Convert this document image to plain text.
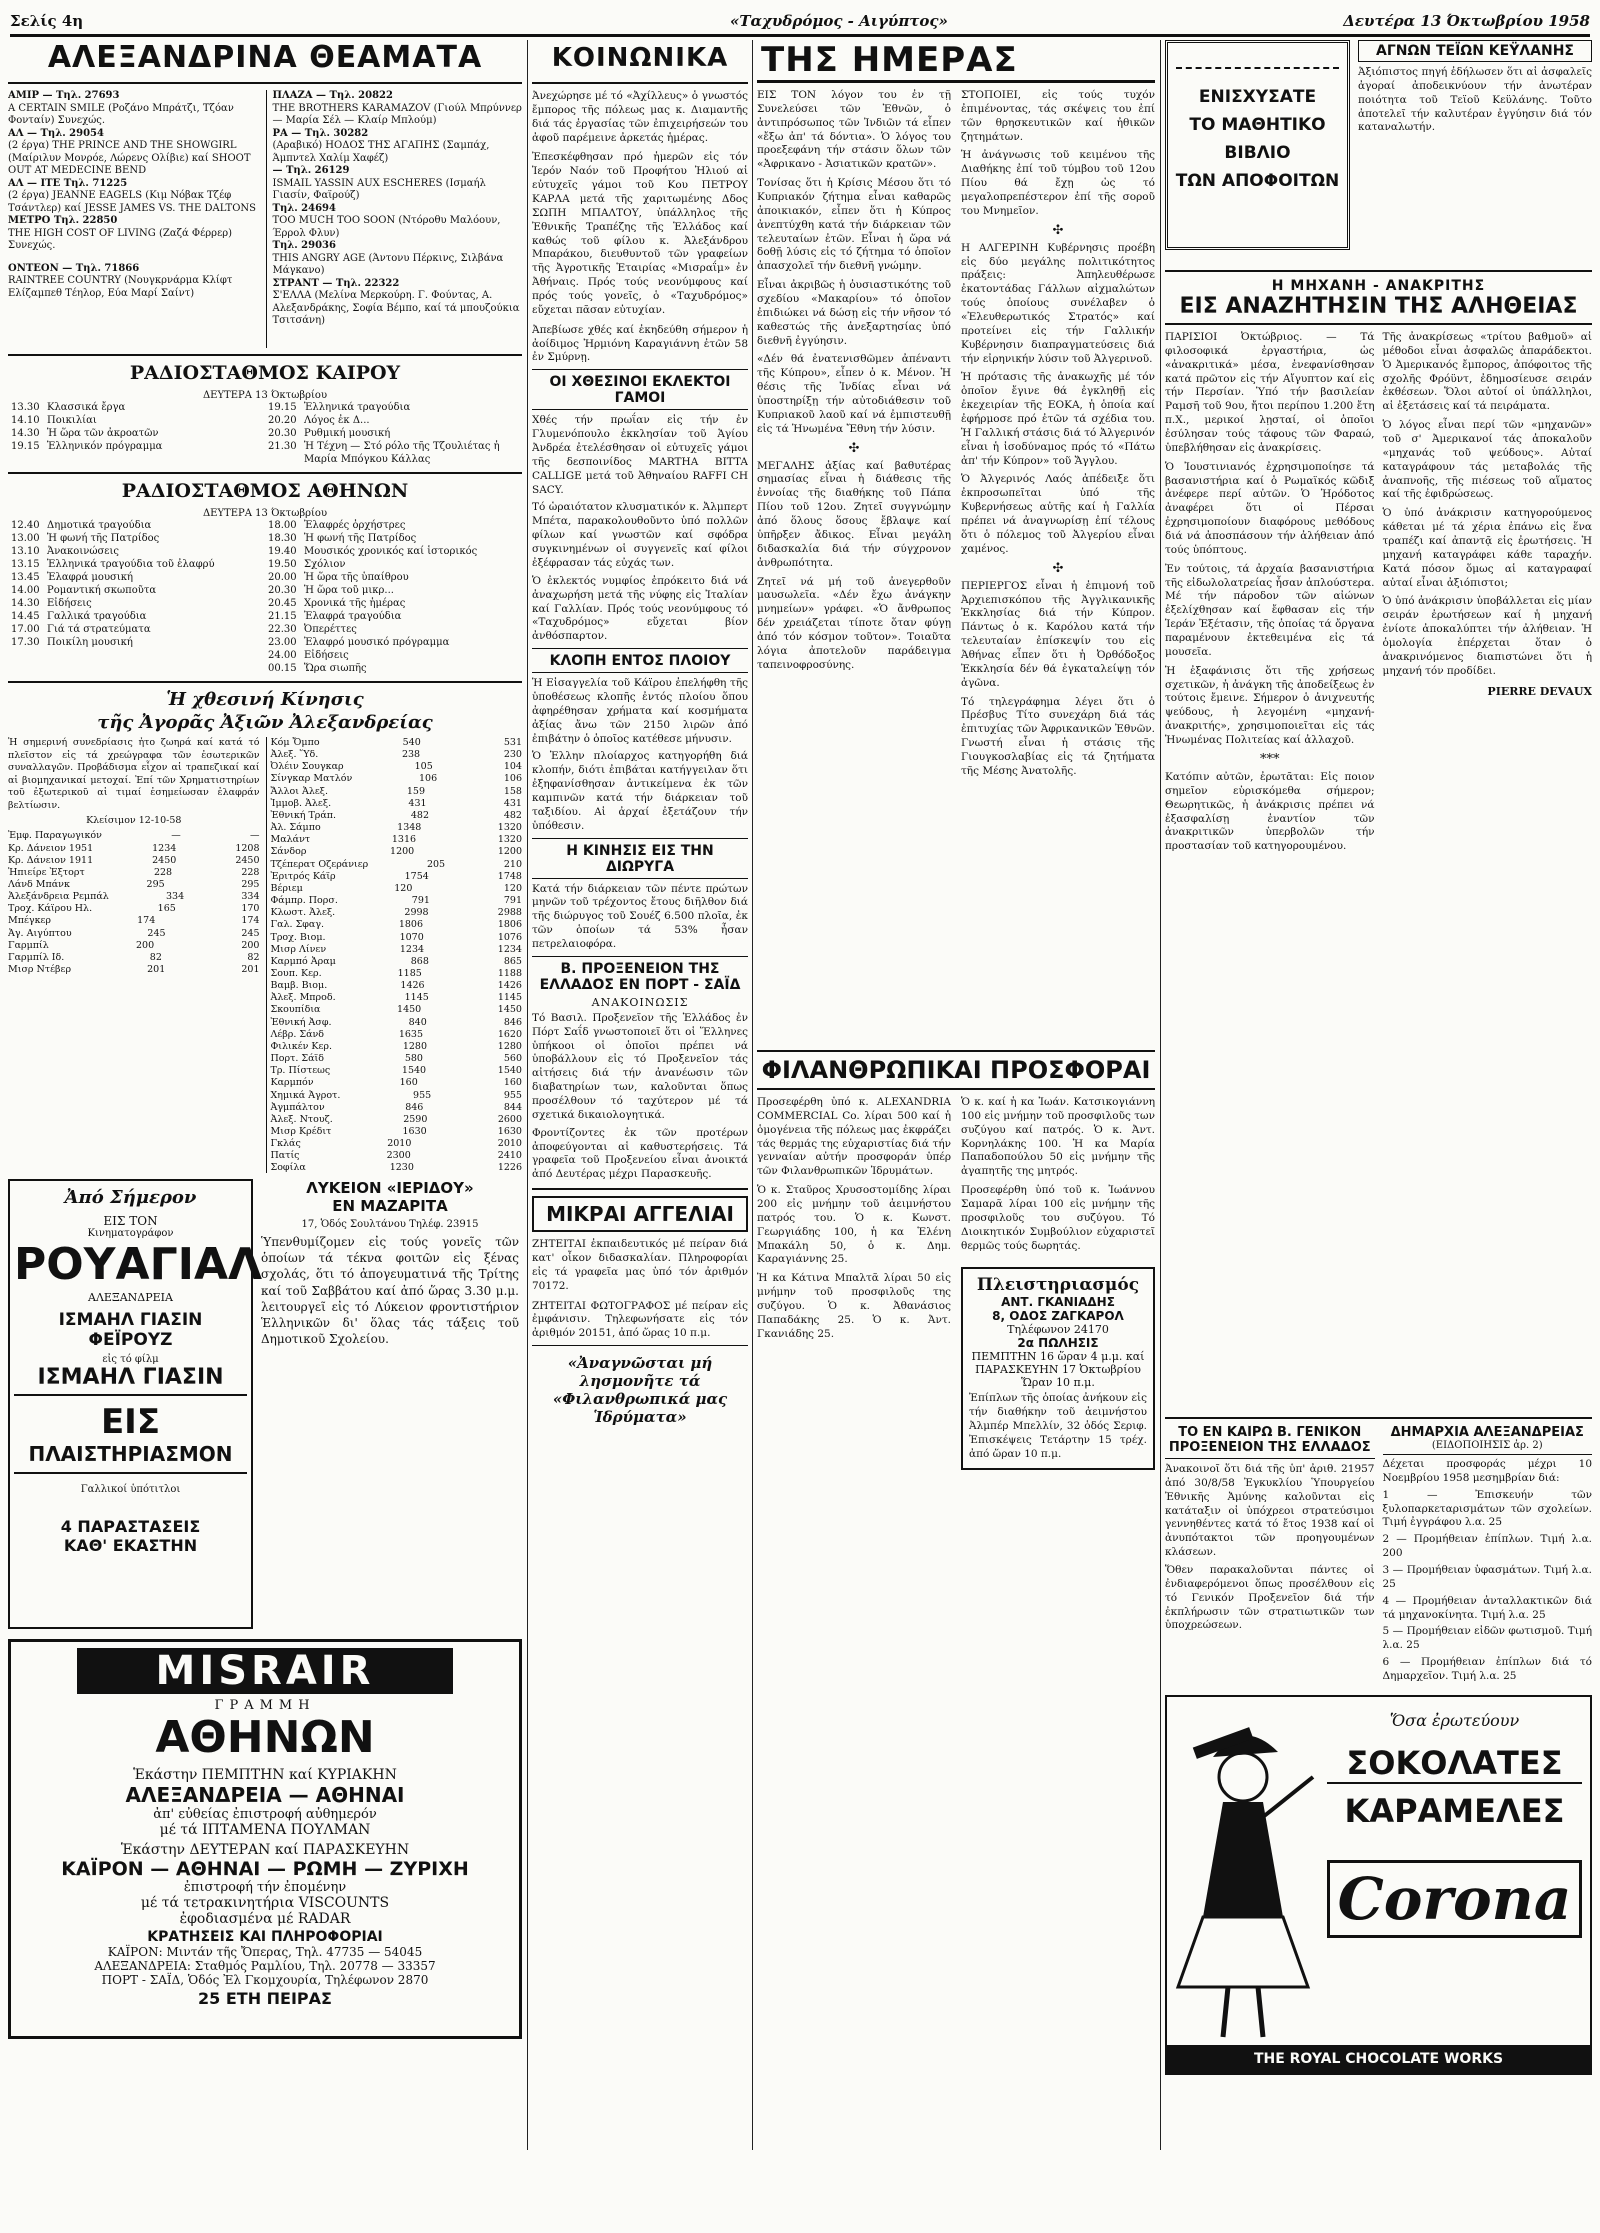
Σελίς 4η	«Ταχυδρόμος - Αιγύπτος»	Δευτέρα 13 Όκτωβρίου 1958
ΑΛΕΞΑΝΔΡΙΝΑ ΘΕΑΜΑΤΑ
ΑΜΙΡ — Τηλ. 27693
A CERTAIN SMILE (Ροζάνο Μπράτζι, Τζόαν Φονταίν) Συνεχώς.
ΑΛ — Τηλ. 29054
(2 έργα) THE PRINCE AND THE SHOWGIRL (Μαίριλυν Μονρόε, Λώρενς Ολίβιε) καί SHOOT OUT AT MEDECINE BEND
ΑΛ — ΙΤΕ Τηλ. 71225
(2 έργα) JEANNE EAGELS (Κιμ Νόβακ Τζέφ Τσάντλερ) καί JESSE JAMES VS. THE DALTONS
ΜΕΤΡΟ Τηλ. 22850
THE HIGH COST OF LIVING (Ζαζά Φέρρερ) Συνεχώς.
ΟΝΤΕΟΝ — Τηλ. 71866
RAINTREE COUNTRY (Νουγκρνάρμα Κλίφτ Ελίζαμπεθ Τέηλορ, Εύα Μαρί Σαίντ)
ΠΛΑΖΑ — Τηλ. 20822
THE BROTHERS KARAMAZOV (Γιούλ Μπρύννερ — Μαρία Σέλ — Κλαίρ Μπλούμ)
ΡΑ — Τηλ. 30282
(Αραβικό) ΗΟΔΟΣ ΤΗΣ ΑΓΑΠΗΣ (Σαμπάχ, Άμπντελ Χαλίμ Χαφέζ)
— Τηλ. 26129
ISMAIL YASSIN AUX ESCHERES (Ισμαήλ Γιασίν, Φαϊρούζ)
Τηλ. 24694
TOO MUCH TOO SOON (Ντόροθυ Μαλόουν, Έρρολ Φλυν)
Τηλ. 29036
THIS ANGRY AGE (Άντονυ Πέρκινς, Σιλβάνα Μάγκανο)
ΣΤΡΑΝΤ — Τηλ. 22322
Σ'ΕΛΛΑ (Μελίνα Μερκούρη. Γ. Φούντας, Α. Αλεξανδράκης, Σοφία Βέμπο, καί τά μπουζούκια Τσιτσάνη)
ΡΑΔΙΟΣΤΑΘΜΟΣ ΚΑΙΡΟΥ
ΔΕΥΤΕΡΑ 13 Όκτωβρίου
13.30 Κλασσικά ἔργα
14.10 Ποικιλίαι
14.30 Ἡ ὥρα τῶν ἀκροατῶν
19.15 Ἑλληνικόν πρόγραμμα
19.15 Ἑλληνικά τραγούδια
20.20 Λόγος ἐκ Δ...
20.30 Ρυθμική μουσική
21.30 Ἡ Τέχνη — Στό ρόλο τῆς Τζουλιέτας ἡ Μαρία Μπόγκου Κάλλας
ΡΑΔΙΟΣΤΑΘΜΟΣ ΑΘΗΝΩΝ
ΔΕΥΤΕΡΑ 13 Όκτωβρίου
12.40 Δημοτικά τραγούδια
13.00 Ἡ φωνή τῆς Πατρίδος
13.10 Ἀνακοινώσεις
13.15 Ἑλληνικά τραγούδια τοῦ ἐλαφρύ
13.45 Ἐλαφρά μουσική
14.00 Ρομαντική σκωποῦτα
14.30 Εἰδήσεις
14.45 Γαλλικά τραγούδια
17.00 Γιά τά στρατεύματα
17.30 Ποικίλη μουσική
18.00 Ἐλαφρές ὀρχήστρες
18.30 Ἡ φωνή τῆς Πατρίδος
19.40 Μουσικός χρονικός καί ἱστορικός
19.50 Σχόλιον
20.00 Ἡ ὥρα τῆς ὑπαίθρου
20.30 Ἡ ὥρα τοῦ μικρ...
20.45 Χρονικά τῆς ἡμέρας
21.15 Ἐλαφρά τραγούδια
22.30 Ὀπερέττες
23.00 Ἐλαφρό μουσικό πρόγραμμα
24.00 Εἰδήσεις
00.15 Ὥρα σιωπῆς
Ἡ χθεσινή Κίνησις
τῆς Ἀγορᾶς Ἀξιῶν Ἀλεξανδρείας
Ἡ σημερινή συνεδρίασις ἦτο ζωηρά καί κατά τό πλεῖστον εἰς τά χρεώγραφα τῶν ἐσωτερικῶν συναλλαγῶν. Προβάδισμα εἶχον αἱ τραπεζικαί καί αἱ βιομηχανικαί μετοχαί. Ἐπί τῶν Χρηματιστηρίων τοῦ ἐξωτερικοῦ αἱ τιμαί ἐσημείωσαν ἐλαφράν βελτίωσιν.
Κλείσιμον 12-10-58
Ἐμφ. Παραγωγικόν	—	—
Κρ. Δάνειον 1951	1234	1208
Κρ. Δάνειον 1911	2450	2450
Ἡπιείρε Ἐξτορτ	228	228
Λάνδ Μπάνκ	295	295
Ἀλεξάνδρεια Ρεμπάλ	334	334
Τροχ. Κάϊρου Ηλ.	165	170
Μπέγκερ	174	174
Ἀγ. Αιγύπτου	245	245
Γαρμπίλ	200	200
Γαρμπίλ Ιδ.	82	82
Μισρ Ντέβερ	201	201
Κόμ Ὄμπο	540	531
Ἀλεξ. Ὕδ.	238	230
Ὀλέιν Σουγκαρ	105	104
Σίνγκαρ Ματλόν	106	106
Ἄλλοι Ἀλεξ.	159	158
Ἰμμοβ. Ἀλεξ.	431	431
Ἐθνική Τράπ.	482	482
Ἀλ. Σάμπο	1348	1320
Μαλάντ	1316	1320
Σάνδορ	1200	1200
Τζέπερατ Οζεράνιερ	205	210
Ἐριτρός Κάϊρ	1754	1748
Βέριεμ	120	120
Φάμπρ. Πορσ.	791	791
Κλωστ. Ἀλεξ.	2998	2988
Γαλ. Σφαγ.	1806	1806
Τροχ. Βιομ.	1070	1076
Μισρ Λίνεν	1234	1234
Καρμπό Ἀραμ	868	865
Σουπ. Κερ.	1185	1188
Βαμβ. Βιομ.	1426	1426
Ἀλεξ. Μπροδ.	1145	1145
Σκουπίδια	1450	1450
Ἐθνική Ἀσφ.	840	846
Λέβρ. Σάνδ	1635	1620
Φιλικέν Κερ.	1280	1280
Πορτ. Σάϊδ	580	560
Τρ. Πίστεως	1540	1540
Καρμπόν	160	160
Χημικά Ἀγροτ.	955	955
Ἀγμπάλτον	846	844
Ἀλεξ. Ντουζ.	2590	2600
Μισρ Κρέδιτ	1630	1630
Γκλάς	2010	2010
Πατίς	2300	2410
Σοφίλα	1230	1226
Ἀπό Σήμερον
ΕΙΣ ΤΟΝ
Κινηματογράφον
ΡΟΥΑΓΙΑΛ
ΑΛΕΞΑΝΔΡΕΙΑ
ΙΣΜΑΗΛ ΓΙΑΣΙΝ
ΦΕΪΡΟΥΖ
εἰς τό φίλμ
ΙΣΜΑΗΛ ΓΙΑΣΙΝ
ΕΙΣ
ΠΛΑΙΣΤΗΡΙΑΣΜΟΝ
Γαλλικοί ὑπότιτλοι
4 ΠΑΡΑΣΤΑΣΕΙΣ
ΚΑΘ' ΕΚΑΣΤΗΝ
ΛΥΚΕΙΟΝ «ΙΕΡΙΔΟΥ»
ΕΝ ΜΑΖΑΡΙΤΑ
17, Ὁδός Σουλτάνου Τηλέφ. 23915
Ὑπενθυμίζομεν εἰς τούς γονεῖς τῶν ὁποίων τά τέκνα φοιτῶν εἰς ξένας σχολάς, ὅτι τό ἀπογευματινά τῆς Τρίτης καί τοῦ Σαββάτου καί ἀπό ὥρας 3.30 μ.μ. λειτουργεῖ εἰς τό Λύκειον φροντιστήριον Ἑλληνικῶν δι' ὅλας τάς τάξεις τοῦ Δημοτικοῦ Σχολείου.
MISRAIR
ΓΡΑΜΜΗ
ΑΘΗΝΩΝ
Ἑκάστην ΠΕΜΠΤΗΝ καί ΚΥΡΙΑΚΗΝ
ΑΛΕΞΑΝΔΡΕΙΑ — ΑΘΗΝΑΙ
ἀπ' εὐθείας ἐπιστροφή αὐθημερόν
μέ τά ΙΠΤΑΜΕΝΑ ΠΟΥΛΜΑΝ
Ἑκάστην ΔΕΥΤΕΡΑΝ καί ΠΑΡΑΣΚΕΥΗΝ
ΚΑΪΡΟΝ — ΑΘΗΝΑΙ — ΡΩΜΗ — ΖΥΡΙΧΗ
ἐπιστροφή τήν ἐπομένην
μέ τά τετρακινητήρια VISCOUNTS
ἐφοδιασμένα μέ RADAR
ΚΡΑΤΗΣΕΙΣ ΚΑΙ ΠΛΗΡΟΦΟΡΙΑΙ
ΚΑΪΡΟΝ: Μιντάν τῆς Ὄπερας, Τηλ. 47735 — 54045
ΑΛΕΞΑΝΔΡΕΙΑ: Σταθμός Ραμλίου, Τηλ. 20778 — 33357
ΠΟΡΤ - ΣΑΪΔ, Ὁδός Ἐλ Γκομχουρία, Τηλέφωνον 2870
25 ΕΤΗ ΠΕΙΡΑΣ
ΚΟΙΝΩΝΙΚΑ
Ἀνεχώρησε μέ τό «Ἀχίλλευς» ὁ γνωστός ἔμπορος τῆς πόλεως μας κ. Διαμαντῆς διά τάς ἐργασίας τῶν ἐπιχειρήσεών του ἀφοῦ παρέμεινε ἀρκετάς ἡμέρας.
Ἐπεσκέφθησαν πρό ἡμερῶν εἰς τόν Ἱερόν Ναόν τοῦ Προφήτου Ἠλιού αἱ εὐτυχεῖς γάμοι τοῦ Κου ΠΕΤΡΟΥ ΚΑΡΛΑ μετά τῆς χαριτωμένης Δδος ΣΩΠΗ ΜΠΑΛΤΟΥ, ὑπάλληλος τῆς Ἐθνικῆς Τραπέζης τῆς Ἑλλάδος καί καθώς τοῦ φίλου κ. Ἀλεξάνδρου Μπαράκου, διευθυντοῦ τῶν γραφείων τῆς Ἀγροτικῆς Ἑταιρίας «Μισραΐμ» ἐν Ἀθήναις. Πρός τούς νεονύμφους καί πρός τούς γονεῖς, ὁ «Ταχυδρόμος» εὔχεται πᾶσαν εὐτυχίαν.
Ἀπεβίωσε χθές καί ἐκηδεύθη σήμερον ἡ ἀοίδιμος Ἠρμιόνη Καραγιάννη ἐτῶν 58 ἐν Σμύρνῃ.
ΟΙ ΧΘΕΣΙΝΟΙ ΕΚΛΕΚΤΟΙ ΓΑΜΟΙ
Χθές τήν πρωΐαν εἰς τήν ἐν Γλυμενόπουλο ἐκκλησίαν τοῦ Ἁγίου Ἀνδρέα ἐτελέσθησαν οἱ εὐτυχεῖς γάμοι τῆς δεσποινίδος MARTHA BITTA CALLIGE μετά τοῦ Ἀθηναίου RAFFI CH SACY.
Τό ὡραιότατον κλυσματικόν κ. Ἀλμπερτ Μπέτα, παρακολουθοῦντο ὑπό πολλῶν φίλων καί γνωστῶν καί σφόδρα συγκινημένων οἱ συγγενεῖς καί φίλοι ἐξέφρασαν τάς εὐχάς των.
Ὁ ἐκλεκτός νυμφίος ἐπρόκειτο διά νά ἀναχωρήση μετά τῆς νύφης εἰς Ἰταλίαν καί Γαλλίαν. Πρός τούς νεονύμφους τό «Ταχυδρόμος» εὔχεται βίον ἀνθόσπαρτον.
ΚΛΟΠΗ ΕΝΤΟΣ ΠΛΟΙΟΥ
Ἡ Εἰσαγγελία τοῦ Κάϊρου ἐπελήφθη τῆς ὑποθέσεως κλοπῆς ἐντός πλοίου ὅπου ἀφηρέθησαν χρήματα καί κοσμήματα ἀξίας ἄνω τῶν 2150 λιρῶν ἀπό ἐπιβάτην ὁ ὁποῖος κατέθεσε μήνυσιν.
Ὁ Ἑλλην πλοίαρχος κατηγορήθη διά κλοπήν, διότι ἐπιβάται κατήγγειλαν ὅτι ἐξηφανίσθησαν ἀντικείμενα ἐκ τῶν καμπινῶν κατά τήν διάρκειαν τοῦ ταξιδίου. Αἱ ἀρχαί ἐξετάζουν τήν ὑπόθεσιν.
Η ΚΙΝΗΣΙΣ ΕΙΣ ΤΗΝ ΔΙΩΡΥΓΑ
Κατά τήν διάρκειαν τῶν πέντε πρώτων μηνῶν τοῦ τρέχοντος ἔτους διῆλθον διά τῆς διώρυγος τοῦ Σουέζ 6.500 πλοῖα, ἐκ τῶν ὁποίων τά 53% ἦσαν πετρελαιοφόρα.
Β. ΠΡΟΞΕΝΕΙΟΝ ΤΗΣ ΕΛΛΑΔΟΣ ΕΝ ΠΟΡΤ - ΣΑΪΔ
ΑΝΑΚΟΙΝΩΣΙΣ
Τό Βασιλ. Προξενεῖον τῆς Ἑλλάδος ἐν Πόρτ Σαΐδ γνωστοποιεῖ ὅτι οἱ Ἕλληνες ὑπήκοοι οἱ ὁποῖοι πρέπει νά ὑποβάλλουν εἰς τό Προξενεῖον τάς αἰτήσεις διά τήν ἀνανέωσιν τῶν διαβατηρίων των, καλοῦνται ὅπως προσέλθουν τό ταχύτερον μέ τά σχετικά δικαιολογητικά.
Φροντίζοντες ἐκ τῶν προτέρων ἀποφεύγονται αἱ καθυστερήσεις. Τά γραφεῖα τοῦ Προξενείου εἶναι ἀνοικτά ἀπό Δευτέρας μέχρι Παρασκευῆς.
ΜΙΚΡΑΙ ΑΓΓΕΛΙΑΙ
ΖΗΤΕΙΤΑΙ ἐκπαιδευτικός μέ πείραν διά κατ' οἶκον διδασκαλίαν. Πληροφορίαι εἰς τά γραφεῖα μας ὑπό τόν ἀριθμόν 70172.
ΖΗΤΕΙΤΑΙ ΦΩΤΟΓΡΑΦΟΣ μέ πείραν εἰς ἐμφάνισιν. Τηλεφωνήσατε εἰς τόν ἀριθμόν 20151, ἀπό ὥρας 10 π.μ.
«Ἀναγνῶσται μή λησμονῆτε τά «Φιλανθρωπικά μας Ἱδρύματα»
ΤΗΣ ΗΜΕΡΑΣ
ΕΙΣ ΤΟΝ λόγον του ἐν τῇ Συνελεύσει τῶν Ἐθνῶν, ὁ ἀντιπρόσωπος τῶν Ἰνδιῶν τά εἶπεν «ἔξω ἀπ' τά δόντια». Ὁ λόγος του προεξεφάνη τήν στάσιν ὅλων τῶν «Ἀφρικανο - Ἀσιατικῶν κρατῶν».
Τονίσας ὅτι ἡ Κρίσις Μέσου ὅτι τό Κυπριακόν ζήτημα εἶναι καθαρῶς ἀποικιακόν, εἶπεν ὅτι ἡ Κύπρος ἀνεπτύχθη κατά τήν διάρκειαν τῶν τελευταίων ἐτῶν. Εἶναι ἡ ὥρα νά δοθῇ λύσις εἰς τό ζήτημα τό ὁποῖον ἀπασχολεῖ τήν διεθνῆ γνώμην.
Εἶναι ἀκριβῶς ἡ ὀυσιαστικότης τοῦ σχεδίου «Μακαρίου» τό ὁποῖον ἐπιδιώκει νά δώσῃ εἰς τήν νῆσον τό καθεστώς τῆς ἀνεξαρτησίας ὑπό διεθνῆ ἐγγύησιν.
«Δέν θά ἐνατενισθῶμεν ἀπέναντι τῆς Κύπρου», εἶπεν ὁ κ. Μένον. Ἡ θέσις τῆς Ἰνδίας εἶναι νά ὑποστηρίξῃ τήν αὐτοδιάθεσιν τοῦ Κυπριακοῦ λαοῦ καί νά ἐμπιστευθῇ εἰς τά Ἡνωμένα Ἔθνη τήν λύσιν.
✣
ΜΕΓΑΛΗΣ ἀξίας καί βαθυτέρας σημασίας εἶναι ἡ διάθεσις τῆς ἐννοίας τῆς διαθήκης τοῦ Πάπα Πίου τοῦ 12ου. Ζητεῖ συγγνώμην ἀπό ὅλους ὅσους ἔβλαψε καί ὑπῆρξεν ἄδικος. Εἶναι μεγάλη διδασκαλία διά τήν σύγχρονον ἀνθρωπότητα.
Ζητεῖ νά μή τοῦ ἀνεγερθοῦν μαυσωλεῖα. «Δέν ἔχω ἀνάγκην μνημείων» γράφει. «Ὁ ἄνθρωπος δέν χρειάζεται τίποτε ὅταν φύγῃ ἀπό τόν κόσμον τοῦτον». Τοιαῦτα λόγια ἀποτελοῦν παράδειγμα ταπεινοφροσύνης.
ΣΤΟΠΟΙΕΙ, εἰς τούς τυχόν ἐπιμένοντας, τάς σκέψεις του ἐπί τῶν θρησκευτικῶν καί ἠθικῶν ζητημάτων.
Ἡ ἀνάγνωσις τοῦ κειμένου τῆς Διαθήκης ἐπί τοῦ τύμβου τοῦ 12ου Πίου θά ἔχῃ ὡς τό μεγαλοπρεπέστερον ἐπί τῆς σοροῦ του Μνημεῖον.
✣
Η ΑΛΓΕΡΙΝΗ Κυβέρνησις προέβη εἰς δύο μεγάλης πολιτικότητος πράξεις: Ἀπηλευθέρωσε ἐκατοντάδας Γάλλων αἰχμαλώτων τούς ὁποίους συνέλαβεν ὁ «Ἐλευθερωτικός Στρατός» καί προτείνει εἰς τήν Γαλλικήν Κυβέρνησιν διαπραγματεύσεις διά τήν εἰρηνικήν λύσιν τοῦ Ἀλγερινοῦ.
Ἡ πρότασις τῆς ἀνακωχῆς μέ τόν ὁποῖον ἔγινε θά ἐγκληθῇ εἰς ἐκεχειρίαν τῆς ΕΟΚΑ, ἡ ὁποία καί ἐφήρμοσε πρό ἐτῶν τά σχέδια του. Ἡ Γαλλική στάσις διά τό Ἀλγερινόν εἶναι ἡ ἰσοδύναμος πρός τό «Πάτω ἀπ' τήν Κύπρον» τοῦ Ἄγγλου.
Ὁ Ἀλγερινός Λαός ἀπέδειξε ὅτι ἐκπροσωπεῖται ὑπό τῆς Κυβερνήσεως αὐτῆς καί ἡ Γαλλία πρέπει νά ἀναγνωρίσῃ ἐπί τέλους ὅτι ὁ πόλεμος τοῦ Ἀλγερίου εἶναι χαμένος.
✣
ΠΕΡΙΕΡΓΟΣ εἶναι ἡ ἐπιμονή τοῦ Ἀρχιεπισκόπου τῆς Ἀγγλικανικῆς Ἐκκλησίας διά τήν Κύπρον. Πάντως ὁ κ. Καρόλου κατά τήν τελευταίαν ἐπίσκεψίν του εἰς Ἀθήνας εἶπεν ὅτι ἡ Ὀρθόδοξος Ἐκκλησία δέν θά ἐγκαταλείψῃ τόν ἀγῶνα.
Τό τηλεγράφημα λέγει ὅτι ὁ Πρέσβυς Τίτο συνεχάρη διά τάς ἐπιτυχίας τῶν Ἀφρικανικῶν Ἐθνῶν. Γνωστή εἶναι ἡ στάσις τῆς Γιουγκοσλαβίας εἰς τά ζητήματα τῆς Μέσης Ἀνατολῆς.
ΦΙΛΑΝΘΡΩΠΙΚΑΙ ΠΡΟΣΦΟΡΑΙ
Προσεφέρθη ὑπό κ. ALEXANDRIA COMMERCIAL Co. λίραι 500 καί ἡ ὁμογένεια τῆς πόλεως μας ἐκφράζει τάς θερμάς της εὐχαριστίας διά τήν γενναίαν αὐτήν προσφοράν ὑπέρ τῶν Φιλανθρωπικῶν Ἱδρυμάτων.
Ὁ κ. Σταῦρος Χρυσοστομίδης λίραι 200 εἰς μνήμην τοῦ ἀειμνήστου πατρός του. Ὁ κ. Κωνστ. Γεωργιάδης 100, ἡ κα Ἑλένη Μπακάλη 50, ὁ κ. Δημ. Καραγιάννης 25.
Ἡ κα Κάτινα Μπαλτᾶ λίραι 50 εἰς μνήμην τοῦ προσφιλοῦς της συζύγου. Ὁ κ. Ἀθανάσιος Παπαδάκης 25. Ὁ κ. Ἀντ. Γκανιάδης 25.
Ὁ κ. καί ἡ κα Ἰωάν. Κατσικογιάννη 100 εἰς μνήμην τοῦ προσφιλοῦς των συζύγου καί πατρός. Ὁ κ. Ἀντ. Κορνηλάκης 100. Ἡ κα Μαρία Παπαδοπούλου 50 εἰς μνήμην τῆς ἀγαπητῆς της μητρός.
Προσεφέρθη ὑπό τοῦ κ. Ἰωάννου Σαμαρᾶ λίραι 100 εἰς μνήμην τῆς προσφιλοῦς του συζύγου. Τό Διοικητικόν Συμβούλιον εὐχαριστεῖ θερμῶς τούς δωρητάς.
Πλειστηριασμός
ΑΝΤ. ΓΚΑΝΙΑΔΗΣ
8, ΟΔΟΣ ΖΑΓΚΑΡΟΛ
Τηλέφωνον 24170
2α ΠΩΛΗΣΙΣ
ΠΕΜΠΤΗΝ 16 ὥραν 4 μ.μ. καί ΠΑΡΑΣΚΕΥΗΝ 17 Ὀκτωβρίου
Ὥραν 10 π.μ.
Ἐπίπλων τῆς ὁποίας ἀνήκουν εἰς τήν διαθήκην τοῦ ἀειμνήστου Ἀλμπέρ Μπελλίν, 32 ὁδός Σεριφ. Ἐπισκέψεις Τετάρτην 15 τρέχ. ἀπό ὥραν 10 π.μ.
ΕΝΙΣΧΥΣΑΤΕ
ΤΟ ΜΑΘΗΤΙΚΟ
ΒΙΒΛΙΟ
ΤΩΝ ΑΠΟΦΟΙΤΩΝ
ΑΓΝΩΝ ΤΕΪΩΝ ΚΕΫΛΑΝΗΣ
Ἀξιόπιστος πηγή ἐδήλωσεν ὅτι αἱ ἀσφαλεῖς ἀγοραί ἀποδεικνύουν τήν ἀνωτέραν ποιότητα τοῦ Τεϊοῦ Κεϋλάνης. Τοῦτο ἀποτελεῖ τήν καλυτέραν ἐγγύησιν διά τόν καταναλωτήν.
Η ΜΗΧΑΝΗ - ΑΝΑΚΡΙΤΗΣ
ΕΙΣ ΑΝΑΖΗΤΗΣΙΝ ΤΗΣ ΑΛΗΘΕΙΑΣ
ΠΑΡΙΣΙΟΙ Ὀκτώβριος. — Τά φιλοσοφικά ἐργαστήρια, ὡς «ἀνακριτικά» μέσα, ἐνεφανίσθησαν κατά πρῶτον εἰς τήν Αἴγυπτον καί εἰς τήν Περσίαν. Ὑπό τήν βασιλείαν Ραμσῆ τοῦ 9ου, ἤτοι περίπου 1.200 ἔτη π.Χ., μερικοί λῃσταί, οἱ ὁποῖοι ἐσύλησαν τούς τάφους τῶν Φαραώ, ὑπεβλήθησαν εἰς ἀνακρίσεις.
Ὁ Ἰουστινιανός ἐχρησιμοποίησε τά βασανιστήρια καί ὁ Ρωμαϊκός κῶδιξ ἀνέφερε περί αὐτῶν. Ὁ Ἡρόδοτος ἀναφέρει ὅτι οἱ Πέρσαι ἐχρησιμοποίουν διαφόρους μεθόδους διά νά ἀποσπάσουν τήν ἀλήθειαν ἀπό τούς ὑπόπτους.
Ἐν τούτοις, τά ἀρχαία βασανιστήρια τῆς εἰδωλολατρείας ἦσαν ἀπλούστερα. Μέ τήν πάροδον τῶν αἰώνων ἐξελίχθησαν καί ἔφθασαν εἰς τήν Ἱεράν Ἐξέτασιν, τῆς ὁποίας τά ὄργανα παραμένουν ἐκτεθειμένα εἰς τά μουσεῖα.
Ἡ ἐξαφάνισις ὅτι τῆς χρήσεως σχετικῶν, ἡ ἀνάγκη τῆς ἀποδείξεως ἐν τούτοις ἔμεινε. Σήμερον ὁ ἀνιχνευτής ψεύδους, ἡ λεγομένη «μηχανή-ἀνακριτής», χρησιμοποιεῖται εἰς τάς Ἡνωμένας Πολιτείας καί ἀλλαχοῦ.
***
Κατόπιν αὐτῶν, ἐρωτᾶται: Εἰς ποιον σημεῖον εὑρισκόμεθα σήμερον; Θεωρητικῶς, ἡ ἀνάκρισις πρέπει νά ἐξασφαλίσῃ ἐναντίον τῶν ἀνακριτικῶν ὑπερβολῶν τήν προστασίαν τοῦ κατηγορουμένου.
Τῆς ἀνακρίσεως «τρίτου βαθμοῦ» αἱ μέθοδοι εἶναι ἀσφαλῶς ἀπαράδεκτοι. Ὁ Ἀμερικανός ἔμπορος, ἀπόφοιτος τῆς σχολῆς Φρόϋντ, ἐδημοσίευσε σειράν ἐκθέσεων. Ὅλοι αὐτοί οἱ ὑπάλληλοι, αἱ ἐξετάσεις καί τά πειράματα.
Ὁ λόγος εἶναι περί τῶν «μηχανῶν» τοῦ σ' Ἀμερικανοί τάς ἀποκαλοῦν «μηχανάς τοῦ ψεύδους». Αὐταί καταγράφουν τάς μεταβολάς τῆς ἀναπνοῆς, τῆς πιέσεως τοῦ αἵματος καί τῆς ἐφιδρώσεως.
Ὁ ὑπό ἀνάκρισιν κατηγορούμενος κάθεται μέ τά χέρια ἐπάνω εἰς ἕνα τραπέζι καί ἀπαντᾷ εἰς ἐρωτήσεις. Ἡ μηχανή καταγράφει κάθε ταραχήν. Κατά πόσον ὅμως αἱ καταγραφαί αὐταί εἶναι ἀξιόπιστοι;
Ὁ ὑπό ἀνάκρισιν ὑποβάλλεται εἰς μίαν σειράν ἐρωτήσεων καί ἡ μηχανή ἐνίοτε ἀποκαλύπτει τήν ἀλήθειαν. Ἡ ὁμολογία ἐπέρχεται ὅταν ὁ ἀνακρινόμενος διαπιστώνει ὅτι ἡ μηχανή τόν προδίδει.
PIERRE DEVAUX
ΤΟ ΕΝ ΚΑΪΡΩ Β. ΓΕΝΙΚΟΝ ΠΡΟΞΕΝΕΙΟΝ ΤΗΣ ΕΛΛΑΔΟΣ
Ἀνακοινοῖ ὅτι διά τῆς ὑπ' ἀριθ. 21957 ἀπό 30/8/58 Ἐγκυκλίου Ὑπουργείου Ἐθνικῆς Ἀμύνης καλοῦνται εἰς κατάταξιν οἱ ὑπόχρεοι στρατεύσιμοι γεννηθέντες κατά τό ἔτος 1938 καί οἱ ἀνυπότακτοι τῶν προηγουμένων κλάσεων.
Ὅθεν παρακαλοῦνται πάντες οἱ ἐνδιαφερόμενοι ὅπως προσέλθουν εἰς τό Γενικόν Προξενεῖον διά τήν ἐκπλήρωσιν τῶν στρατιωτικῶν των ὑποχρεώσεων.
ΔΗΜΑΡΧΙΑ ΑΛΕΞΑΝΔΡΕΙΑΣ
(ΕΙΔΟΠΟΙΗΣΙΣ ἀρ. 2)
Δέχεται προσφοράς μέχρι 10 Νοεμβρίου 1958 μεσημβρίαν διά:
1 — Ἐπισκευήν τῶν ξυλοπαρκεταρισμάτων τῶν σχολείων. Τιμή ἐγγράφου λ.α. 25
2 — Προμήθειαν ἐπίπλων. Τιμή λ.α. 200
3 — Προμήθειαν ὑφασμάτων. Τιμή λ.α. 25
4 — Προμήθειαν ἀνταλλακτικῶν διά τά μηχανοκίνητα. Τιμή λ.α. 25
5 — Προμήθειαν εἰδῶν φωτισμοῦ. Τιμή λ.α. 25
6 — Προμήθειαν ἐπίπλων διά τό Δημαρχεῖον. Τιμή λ.α. 25
Ὅσα ἐρωτεύουν
ΣΟΚΟΛΑΤΕΣ
ΚΑΡΑΜΕΛΕΣ
Corona
THE ROYAL CHOCOLATE WORKS
